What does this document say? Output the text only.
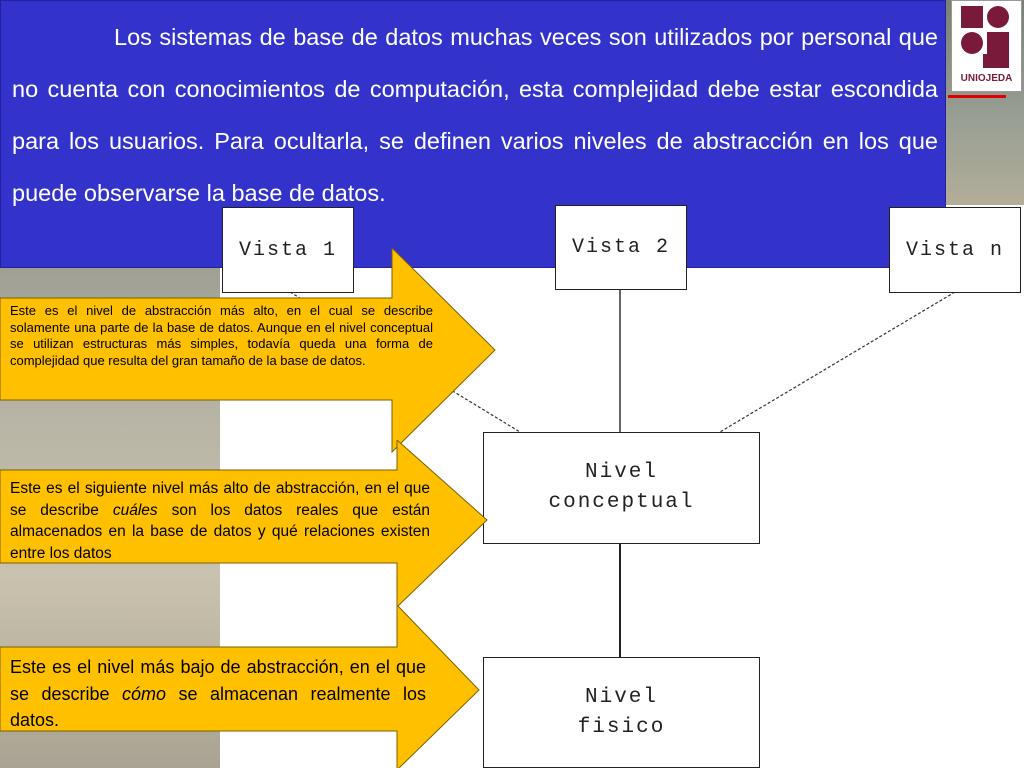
Los sistemas de base de datos muchas veces son utilizados por personal que no cuenta con conocimientos de computación, esta complejidad debe estar escondida para los usuarios. Para ocultarla, se definen varios niveles de abstracción en los que puede observarse la base de datos.

UNIOJEDA
Vista 1	Vista 2	Vista n
Nivel
conceptual
Nivel
fisico

Este es el nivel de abstracción más alto, en el cual se describe solamente una parte de la base de datos. Aunque en el nivel conceptual se utilizan estructuras más simples, todavía queda una forma de complejidad que resulta del gran tamaño de la base de datos.

Este es el siguiente nivel más alto de abstracción, en el que se describe cuáles son los datos reales que están almacenados en la base de datos y qué relaciones existen entre los datos

Este es el nivel más bajo de abstracción, en el que se describe cómo se almacenan realmente los datos.
